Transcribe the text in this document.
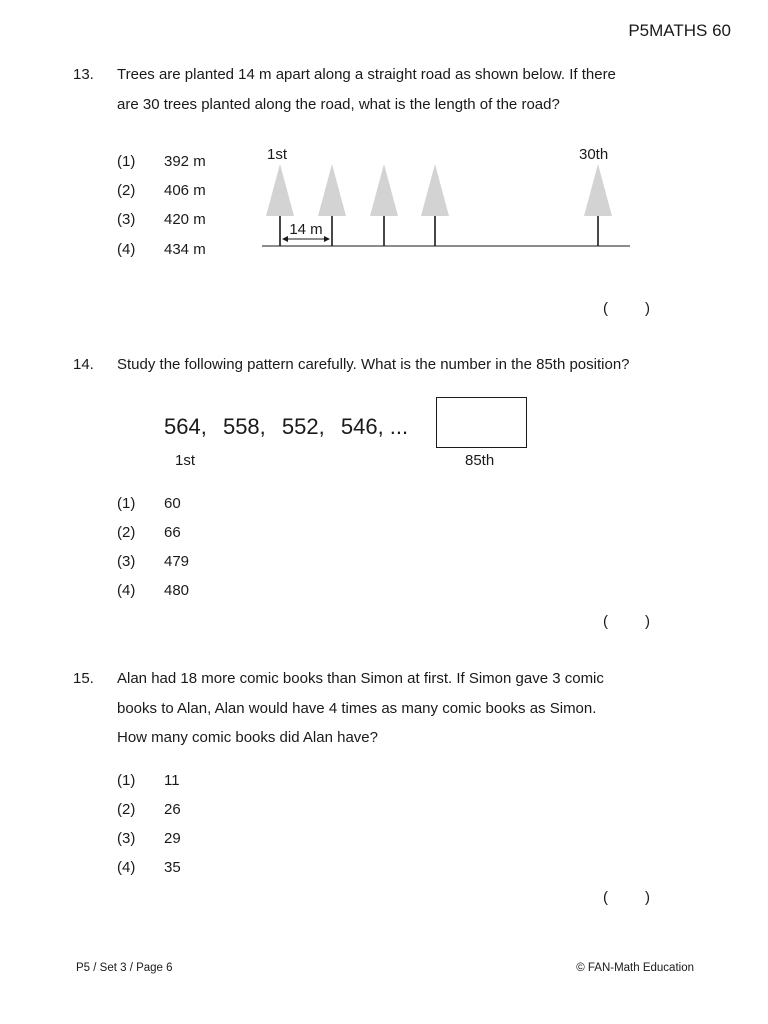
P5MATHS 60
13. Trees are planted 14 m apart along a straight road as shown below. If there
are 30 trees planted along the road, what is the length of the road?
(1) 392 m
(2) 406 m
(3) 420 m
(4) 434 m
1st	30th
14 m
( )
14. Study the following pattern carefully. What is the number in the 85th position?
564, 558, 552, 546, ...
1st	85th
(1) 60
(2) 66
(3) 479
(4) 480
( )
15. Alan had 18 more comic books than Simon at first. If Simon gave 3 comic
books to Alan, Alan would have 4 times as many comic books as Simon.
How many comic books did Alan have?
(1) 11
(2) 26
(3) 29
(4) 35
( )
P5 / Set 3 / Page 6	© FAN-Math Education
